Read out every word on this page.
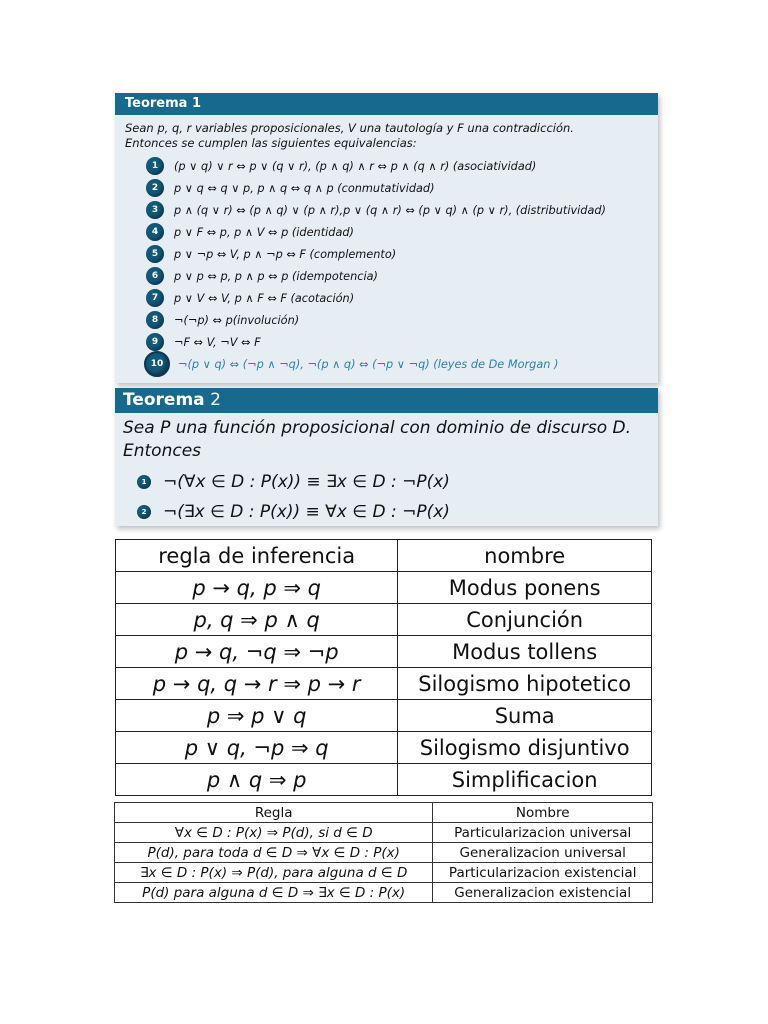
Teorema 1
Sean p, q, r variables proposicionales, V una tautología y F una contradicción.
Entonces se cumplen las siguientes equivalencias:
1	(p ∨ q) ∨ r ⇔ p ∨ (q ∨ r), (p ∧ q) ∧ r ⇔ p ∧ (q ∧ r) (asociatividad)
2	p ∨ q ⇔ q ∨ p, p ∧ q ⇔ q ∧ p (conmutatividad)
3	p ∧ (q ∨ r) ⇔ (p ∧ q) ∨ (p ∧ r),p ∨ (q ∧ r) ⇔ (p ∨ q) ∧ (p ∨ r), (distributividad)
4	p ∨ F ⇔ p, p ∧ V ⇔ p (identidad)
5	p ∨ ¬p ⇔ V, p ∧ ¬p ⇔ F (complemento)
6	p ∨ p ⇔ p, p ∧ p ⇔ p (idempotencia)
7	p ∨ V ⇔ V, p ∧ F ⇔ F (acotación)
8	¬(¬p) ⇔ p(involución)
9	¬F ⇔ V, ¬V ⇔ F
10	¬(p ∨ q) ⇔ (¬p ∧ ¬q), ¬(p ∧ q) ⇔ (¬p ∨ ¬q) (leyes de De Morgan )
Teorema 2
Sea P una función proposicional con dominio de discurso D. Entonces
1 ¬(∀x ∈ D : P(x)) ≡ ∃x ∈ D : ¬P(x)
2 ¬(∃x ∈ D : P(x)) ≡ ∀x ∈ D : ¬P(x)
regla de inferencia	nombre
p → q, p ⇒ q	Modus ponens
p, q ⇒ p ∧ q	Conjunción
p → q, ¬q ⇒ ¬p	Modus tollens
p → q, q → r ⇒ p → r	Silogismo hipotetico
p ⇒ p ∨ q	Suma
p ∨ q, ¬p ⇒ q	Silogismo disjuntivo
p ∧ q ⇒ p	Simplificacion
Regla	Nombre
∀x ∈ D : P(x) ⇒ P(d), si d ∈ D	Particularizacion universal
P(d), para toda d ∈ D ⇒ ∀x ∈ D : P(x)	Generalizacion universal
∃x ∈ D : P(x) ⇒ P(d), para alguna d ∈ D	Particularizacion existencial
P(d) para alguna d ∈ D ⇒ ∃x ∈ D : P(x)	Generalizacion existencial
